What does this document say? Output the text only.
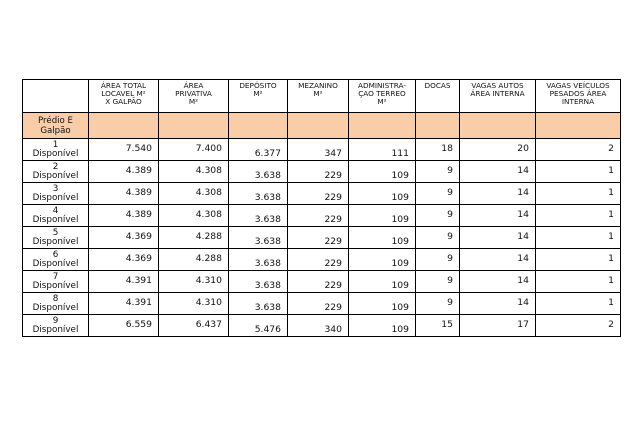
	ÁREA TOTAL
LOCAVEL M²
X GALPÃO	ÁREA
PRIVATIVA
M²	DEPÓSITO
M²	MEZANINO
M²	ADMINISTRA-
ÇAO TERREO
M²	DOCAS	VAGAS AUTOS
ÁREA INTERNA	VAGAS VEÍCULOS
PESADOS ÁREA
INTERNA

Prédio E
Galpão								

1
Disponível	7.540	7.400	6.377	347	111	18	20	2

2
Disponível	4.389	4.308	3.638	229	109	9	14	1

3
Disponível	4.389	4.308	3.638	229	109	9	14	1

4
Disponível	4.389	4.308	3.638	229	109	9	14	1

5
Disponível	4.369	4.288	3.638	229	109	9	14	1

6
Disponível	4.369	4.288	3.638	229	109	9	14	1

7
Disponível	4.391	4.310	3.638	229	109	9	14	1

8
Disponível	4.391	4.310	3.638	229	109	9	14	1

9
Disponível	6.559	6.437	5.476	340	109	15	17	2
